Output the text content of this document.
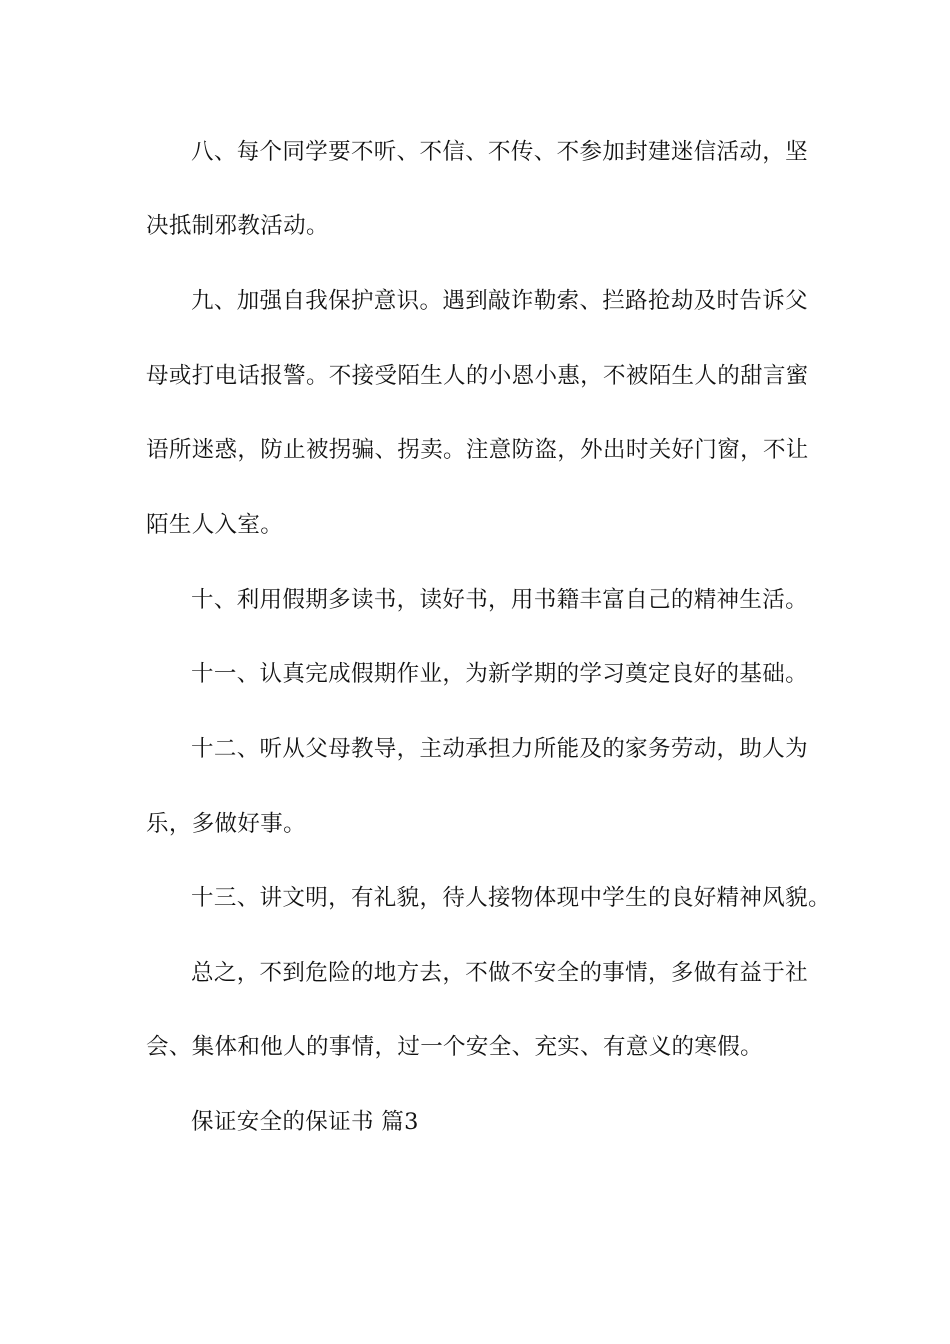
八、每个同学要不听、不信、不传、不参加封建迷信活动，坚
决抵制邪教活动。
九、加强自我保护意识。遇到敲诈勒索、拦路抢劫及时告诉父
母或打电话报警。不接受陌生人的小恩小惠，不被陌生人的甜言蜜
语所迷惑，防止被拐骗、拐卖。注意防盗，外出时关好门窗，不让
陌生人入室。
十、利用假期多读书，读好书，用书籍丰富自己的精神生活。
十一、认真完成假期作业，为新学期的学习奠定良好的基础。
十二、听从父母教导，主动承担力所能及的家务劳动，助人为
乐，多做好事。
十三、讲文明，有礼貌，待人接物体现中学生的良好精神风貌。
总之，不到危险的地方去，不做不安全的事情，多做有益于社
会、集体和他人的事情，过一个安全、充实、有意义的寒假。
保证安全的保证书 篇3
